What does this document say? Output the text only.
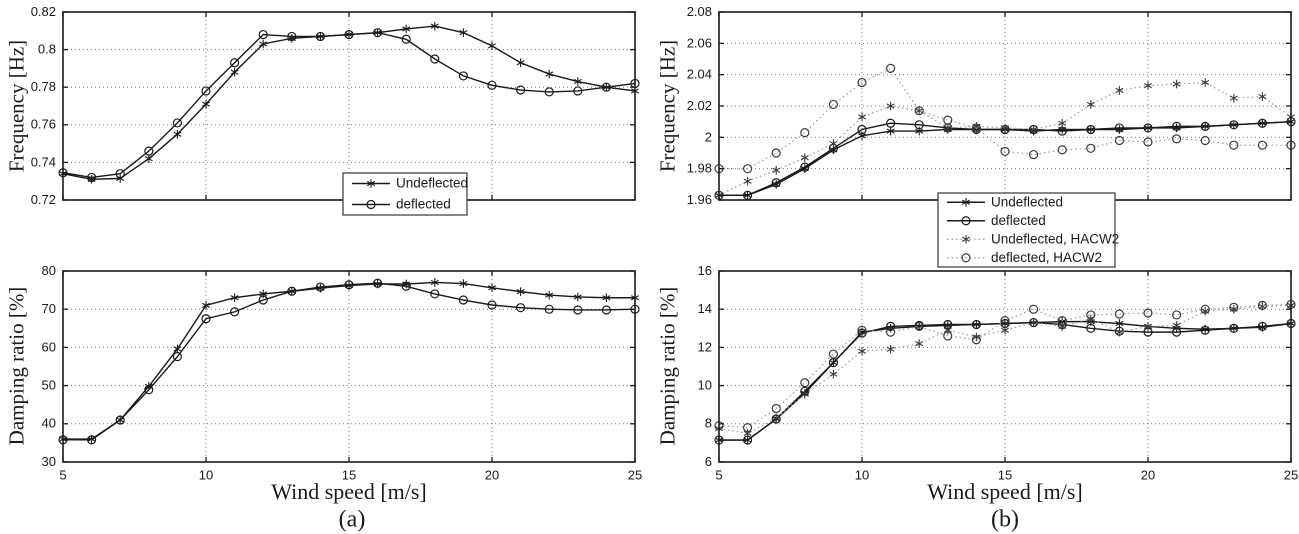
0.72
0.74
0.76
0.78
0.8
0.82
Undeflected
deflected
30
40
50
60
70
80
5	10	15	20	25
1.96
1.98
2
2.02
2.04
2.06
2.08
Undeflected
deflected
Undeflected, HACW2
deflected, HACW2
6
8
10
12
14
16
5	10	15	20	25
Frequency [Hz]
Damping ratio [%]
Frequency [Hz]
Damping ratio [%]
Wind speed [m/s]	Wind speed [m/s]
(a)	(b)
